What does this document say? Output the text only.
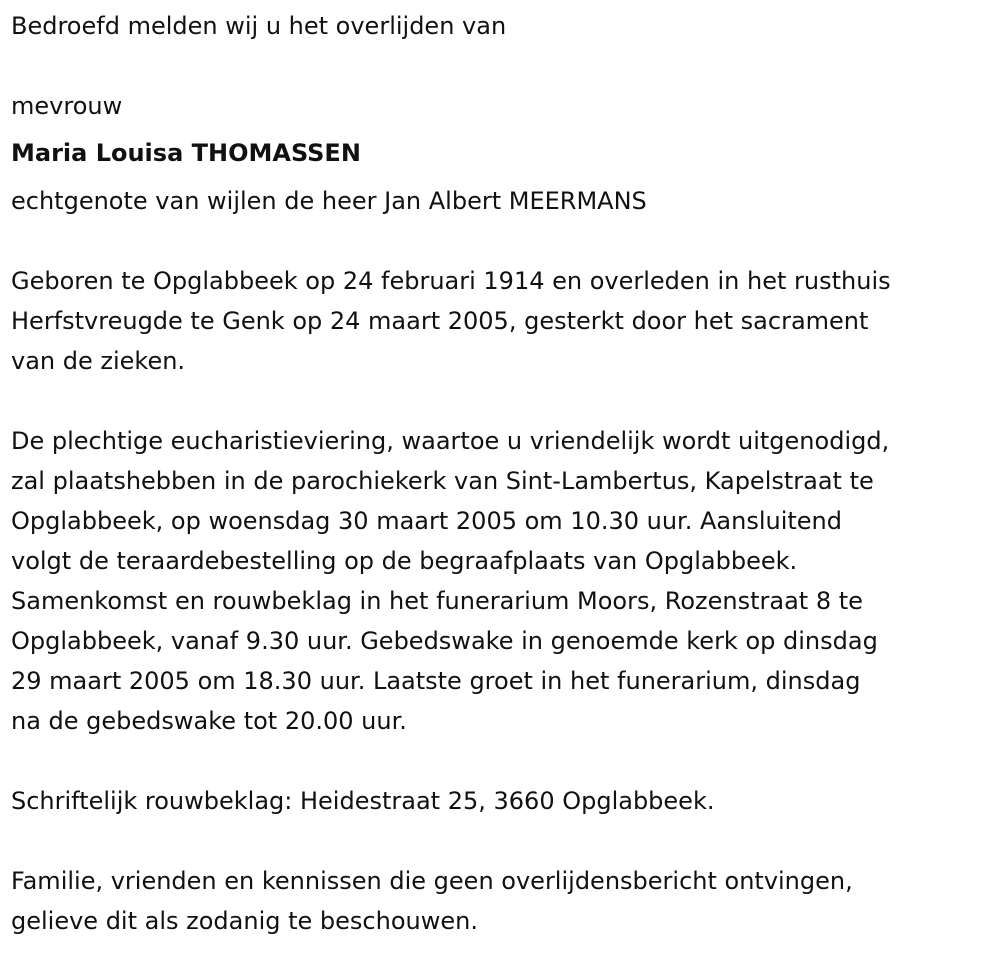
Bedroefd melden wij u het overlijden van
mevrouw
Maria Louisa THOMASSEN
echtgenote van wijlen de heer Jan Albert MEERMANS
Geboren te Opglabbeek op 24 februari 1914 en overleden in het rusthuis
Herfstvreugde te Genk op 24 maart 2005, gesterkt door het sacrament
van de zieken.
De plechtige eucharistieviering, waartoe u vriendelijk wordt uitgenodigd,
zal plaatshebben in de parochiekerk van Sint-Lambertus, Kapelstraat te
Opglabbeek, op woensdag 30 maart 2005 om 10.30 uur. Aansluitend
volgt de teraardebestelling op de begraafplaats van Opglabbeek.
Samenkomst en rouwbeklag in het funerarium Moors, Rozenstraat 8 te
Opglabbeek, vanaf 9.30 uur. Gebedswake in genoemde kerk op dinsdag
29 maart 2005 om 18.30 uur. Laatste groet in het funerarium, dinsdag
na de gebedswake tot 20.00 uur.
Schriftelijk rouwbeklag: Heidestraat 25, 3660 Opglabbeek.
Familie, vrienden en kennissen die geen overlijdensbericht ontvingen,
gelieve dit als zodanig te beschouwen.
